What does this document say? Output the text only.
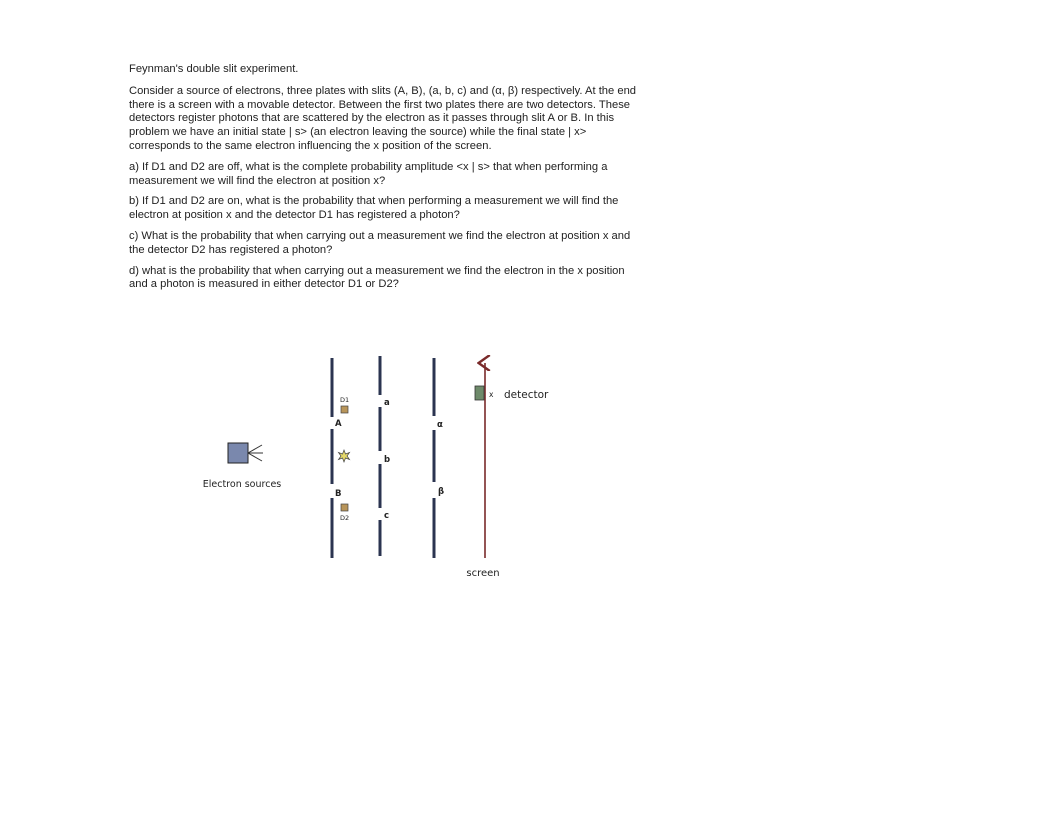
Feynman's double slit experiment.

Consider a source of electrons, three plates with slits (A, B), (a, b, c) and (α, β) respectively. At the end there is a screen with a movable detector. Between the first two plates there are two detectors. These detectors register photons that are scattered by the electron as it passes through slit A or B. In this problem we have an initial state | s> (an electron leaving the source) while the final state | x> corresponds to the same electron influencing the x position of the screen.

a) If D1 and D2 are off, what is the complete probability amplitude <x | s> that when performing a measurement we will find the electron at position x?

b) If D1 and D2 are on, what is the probability that when performing a measurement we will find the electron at position x and the detector D1 has registered a photon?

c) What is the probability that when carrying out a measurement we find the electron at position x and the detector D2 has registered a photon?

d) what is the probability that when carrying out a measurement we find the electron in the x position and a photon is measured in either detector D1 or D2?

Electron sources
A
B
D1
D2
a
b
c
α
β
x detector
screen
